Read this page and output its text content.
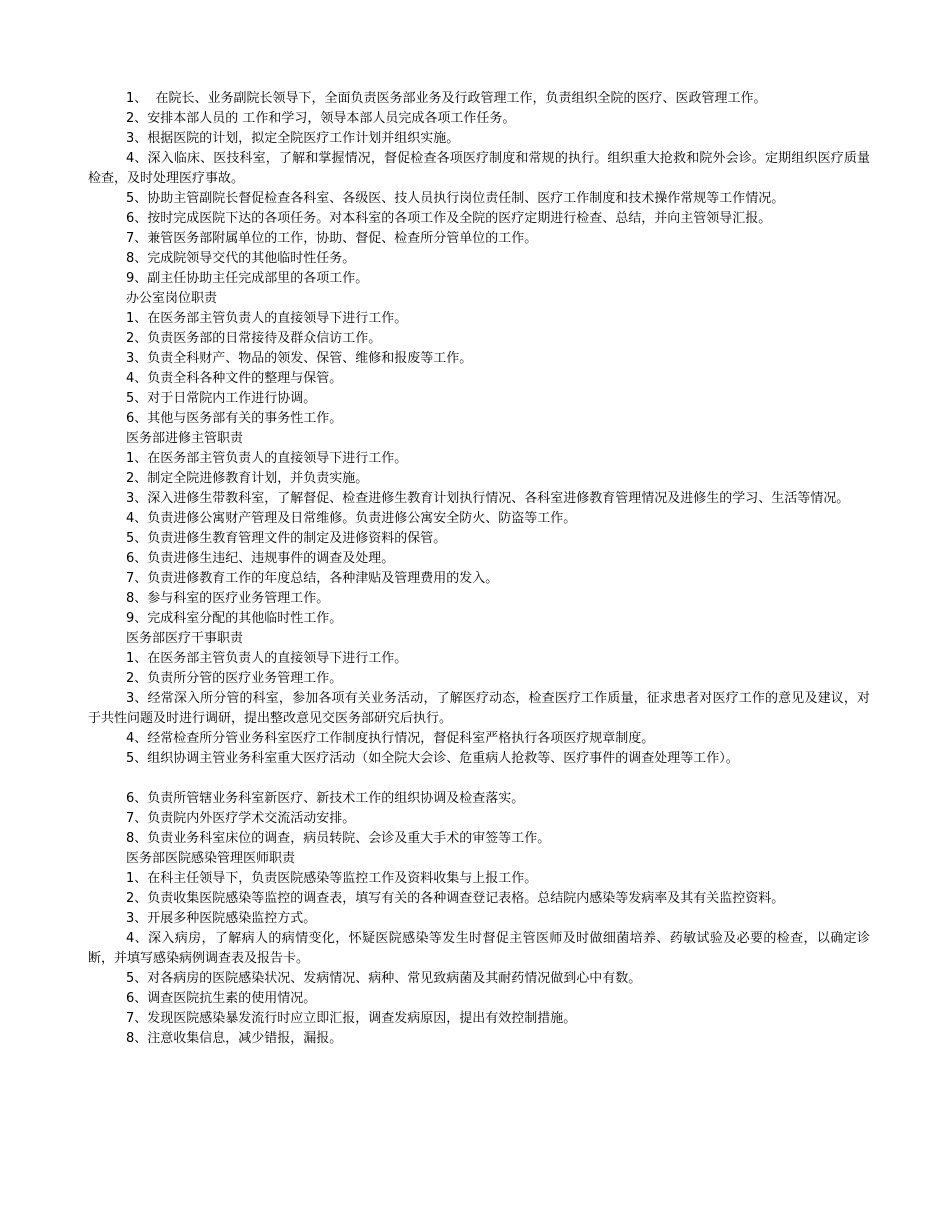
1、  在院长、业务副院长领导下，全面负责医务部业务及行政管理工作，负责组织全院的医疗、医政管理工作。

2、安排本部人员的 工作和学习，领导本部人员完成各项工作任务。

3、根据医院的计划，拟定全院医疗工作计划并组织实施。

4、深入临床、医技科室，了解和掌握情况，督促检查各项医疗制度和常规的执行。组织重大抢救和院外会诊。定期组织医疗质量检查，及时处理医疗事故。

5、协助主管副院长督促检查各科室、各级医、技人员执行岗位责任制、医疗工作制度和技术操作常规等工作情况。

6、按时完成医院下达的各项任务。对本科室的各项工作及全院的医疗定期进行检查、总结，并向主管领导汇报。

7、兼管医务部附属单位的工作，协助、督促、检查所分管单位的工作。

8、完成院领导交代的其他临时性任务。

9、副主任协助主任完成部里的各项工作。

办公室岗位职责

1、在医务部主管负责人的直接领导下进行工作。

2、负责医务部的日常接待及群众信访工作。

3、负责全科财产、物品的领发、保管、维修和报废等工作。

4、负责全科各种文件的整理与保管。

5、对于日常院内工作进行协调。

6、其他与医务部有关的事务性工作。

医务部进修主管职责

1、在医务部主管负责人的直接领导下进行工作。

2、制定全院进修教育计划，并负责实施。

3、深入进修生带教科室，了解督促、检查进修生教育计划执行情况、各科室进修教育管理情况及进修生的学习、生活等情况。

4、负责进修公寓财产管理及日常维修。负责进修公寓安全防火、防盗等工作。

5、负责进修生教育管理文件的制定及进修资料的保管。

6、负责进修生违纪、违规事件的调查及处理。

7、负责进修教育工作的年度总结，各种津贴及管理费用的发入。

8、参与科室的医疗业务管理工作。

9、完成科室分配的其他临时性工作。

医务部医疗干事职责

1、在医务部主管负责人的直接领导下进行工作。

2、负责所分管的医疗业务管理工作。

3、经常深入所分管的科室，参加各项有关业务活动，了解医疗动态，检查医疗工作质量，征求患者对医疗工作的意见及建议，对于共性问题及时进行调研，提出整改意见交医务部研究后执行。

4、经常检查所分管业务科室医疗工作制度执行情况，督促科室严格执行各项医疗规章制度。

5、组织协调主管业务科室重大医疗活动（如全院大会诊、危重病人抢救等、医疗事件的调查处理等工作）。

6、负责所管辖业务科室新医疗、新技术工作的组织协调及检查落实。

7、负责院内外医疗学术交流活动安排。

8、负责业务科室床位的调查，病员转院、会诊及重大手术的审签等工作。

医务部医院感染管理医师职责

1、在科主任领导下，负责医院感染等监控工作及资料收集与上报工作。

2、负责收集医院感染等监控的调查表，填写有关的各种调查登记表格。总结院内感染等发病率及其有关监控资料。

3、开展多种医院感染监控方式。

4、深入病房，了解病人的病情变化，怀疑医院感染等发生时督促主管医师及时做细菌培养、药敏试验及必要的检查，以确定诊断，并填写感染病例调查表及报告卡。

5、对各病房的医院感染状况、发病情况、病种、常见致病菌及其耐药情况做到心中有数。

6、调查医院抗生素的使用情况。

7、发现医院感染暴发流行时应立即汇报，调查发病原因，提出有效控制措施。

8、注意收集信息，减少错报，漏报。
